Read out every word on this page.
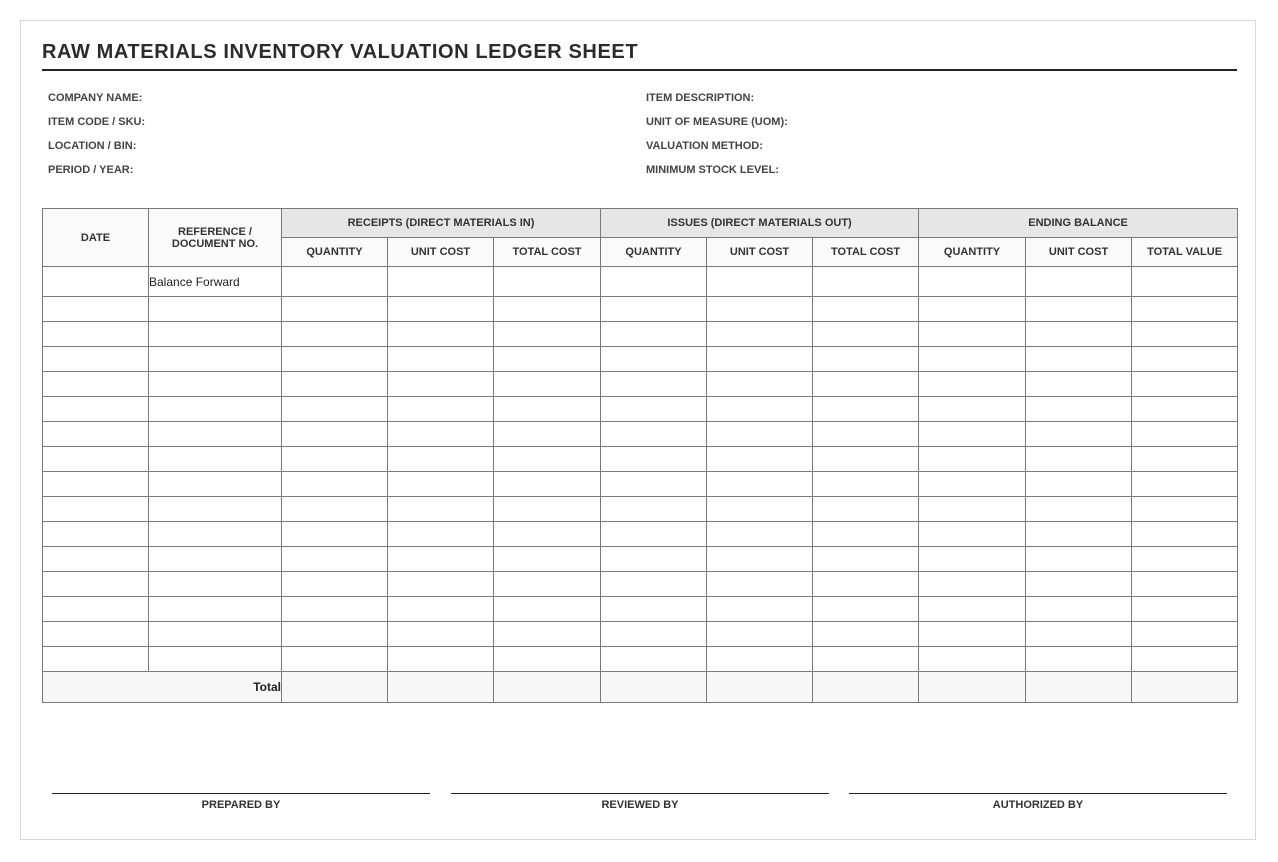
RAW MATERIALS INVENTORY VALUATION LEDGER SHEET
COMPANY NAME:
ITEM CODE / SKU:
LOCATION / BIN:
PERIOD / YEAR:
ITEM DESCRIPTION:
UNIT OF MEASURE (UOM):
VALUATION METHOD:
MINIMUM STOCK LEVEL:
DATE	REFERENCE / DOCUMENT NO.	RECEIPTS (DIRECT MATERIALS IN)			ISSUES (DIRECT MATERIALS OUT)			ENDING BALANCE		
		QUANTITY	UNIT COST	TOTAL COST	QUANTITY	UNIT COST	TOTAL COST	QUANTITY	UNIT COST	TOTAL VALUE
	Balance Forward									

Total										
PREPARED BY	REVIEWED BY	AUTHORIZED BY
